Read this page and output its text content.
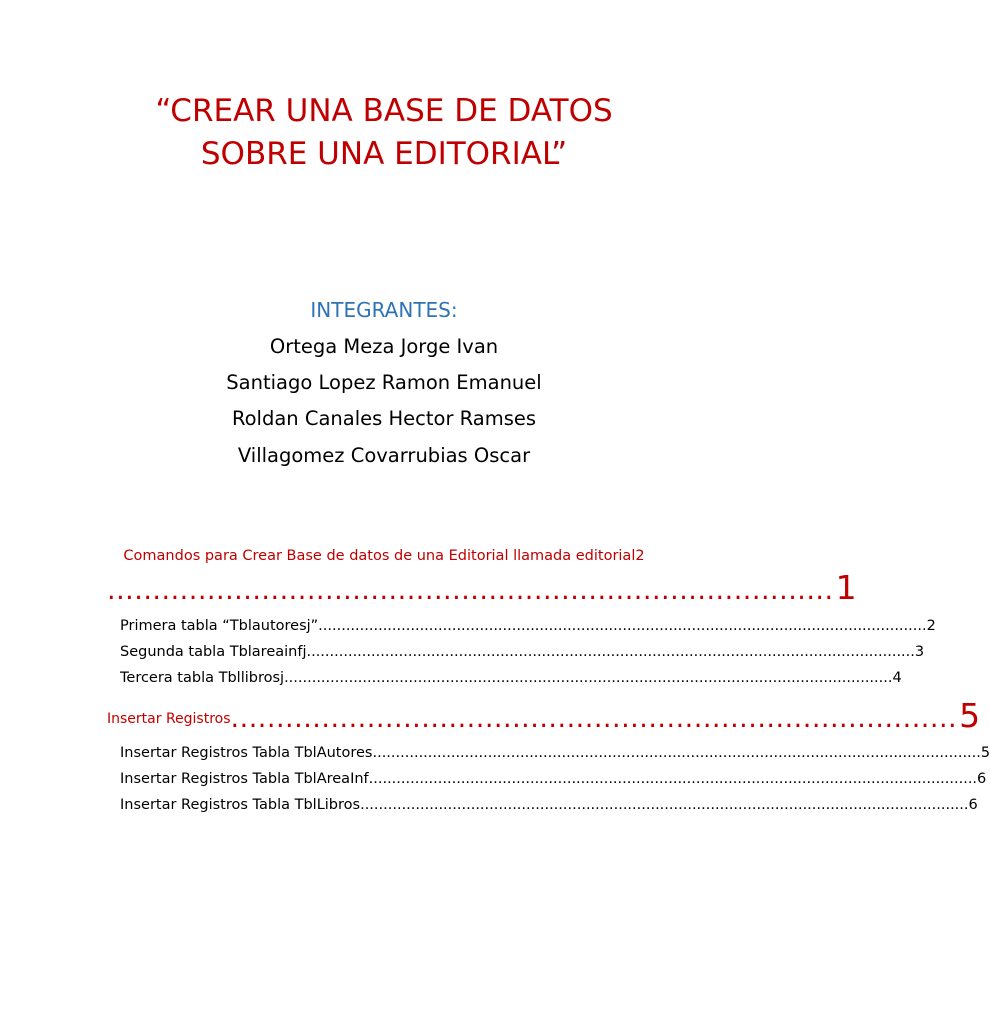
“CREAR UNA BASE DE DATOS
SOBRE UNA EDITORIAL”
INTEGRANTES:
Ortega Meza Jorge Ivan
Santiago Lopez Ramon Emanuel
Roldan Canales Hector Ramses
Villagomez Covarrubias Oscar
Comandos para Crear Base de datos de una Editorial llamada editorial2
................................................................................ 1
Primera tabla “Tblautoresj” .................................................................................................................................... 2
Segunda tabla Tblareainfj .................................................................................................................................... 3
Tercera tabla Tbllibrosj .................................................................................................................................... 4
Insertar Registros ................................................................................ 5
Insertar Registros Tabla TblAutores .................................................................................................................................... 5
Insertar Registros Tabla TblAreaInf .................................................................................................................................... 6
Insertar Registros Tabla TblLibros .................................................................................................................................... 6
